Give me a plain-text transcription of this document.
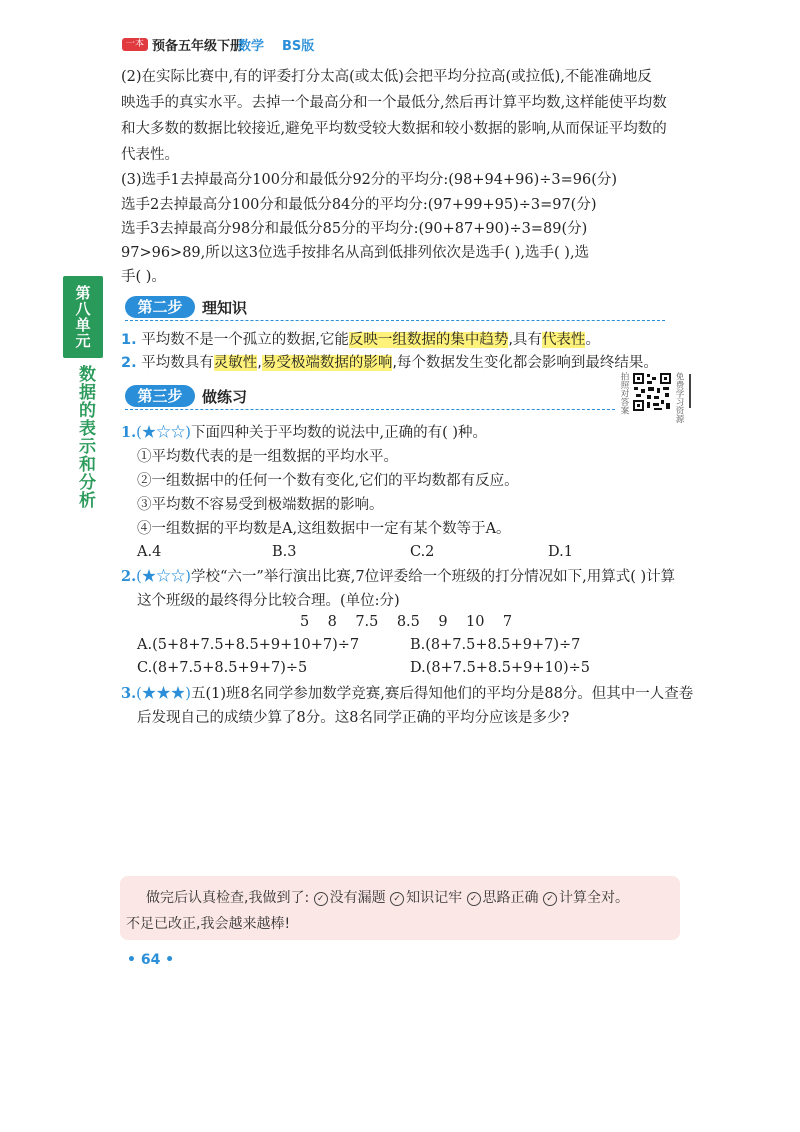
一本 预备五年级下册
数学 BS版
(2)在实际比赛中,有的评委打分太高(或太低)会把平均分拉高(或拉低),不能准确地反
映选手的真实水平。去掉一个最高分和一个最低分,然后再计算平均数,这样能使平均数
和大多数的数据比较接近,避免平均数受较大数据和较小数据的影响,从而保证平均数的
代表性。
(3)选手1去掉最高分100分和最低分92分的平均分:(98+94+96)÷3=96(分)
选手2去掉最高分100分和最低分84分的平均分:(97+99+95)÷3=97(分)
选手3去掉最高分98分和最低分85分的平均分:(90+87+90)÷3=89(分)
97>96>89,所以这3位选手按排名从高到低排列依次是选手( ),选手( ),选
手( )。
第八单元
数据的表示和分析
第二步	理知识
1. 平均数不是一个孤立的数据,它能反映一组数据的集中趋势,具有代表性。
2. 平均数具有灵敏性,易受极端数据的影响,每个数据发生变化都会影响到最终结果。
第三步	做练习	拍照对答案	免费学习资源
1.(★☆☆)下面四种关于平均数的说法中,正确的有( )种。
①平均数代表的是一组数据的平均水平。
②一组数据中的任何一个数有变化,它们的平均数都有反应。
③平均数不容易受到极端数据的影响。
④一组数据的平均数是A,这组数据中一定有某个数等于A。
A.4	B.3	C.2	D.1
2.(★☆☆)学校“六一”举行演出比赛,7位评委给一个班级的打分情况如下,用算式( )计算
这个班级的最终得分比较合理。(单位:分)
5    8    7.5    8.5    9    10    7
A.(5+8+7.5+8.5+9+10+7)÷7	B.(8+7.5+8.5+9+7)÷7
C.(8+7.5+8.5+9+7)÷5	D.(8+7.5+8.5+9+10)÷5
3.(★★★)五(1)班8名同学参加数学竞赛,赛后得知他们的平均分是88分。但其中一人查卷
后发现自己的成绩少算了8分。这8名同学正确的平均分应该是多少?
做完后认真检查,我做到了: ✓ 没有漏题 ✓ 知识记牢 ✓ 思路正确 ✓ 计算全对。
不足已改正,我会越来越棒!
• 64 •
